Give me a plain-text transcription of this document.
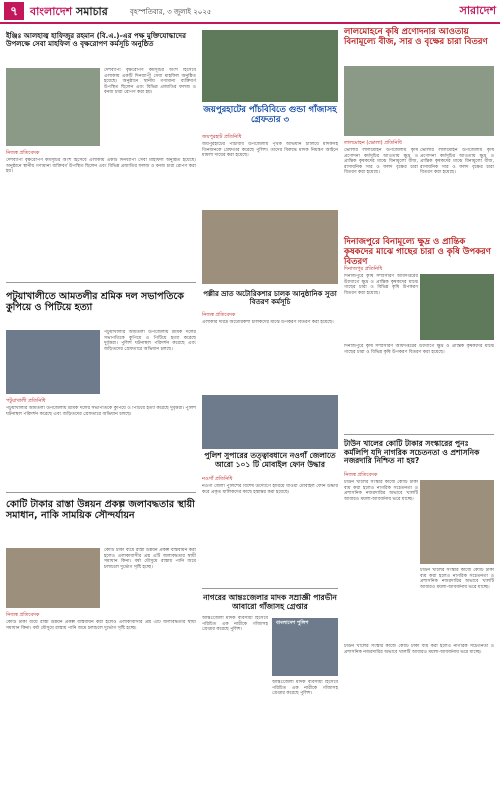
৭	বাংলাদেশ সমাচার	বৃহস্পতিবার, ৩ জুলাই ২০২৫	সারাদেশ
ইঞ্জিঃ আলহাজ্ব হাফিজুর রহমান (বি.এ.)-এর পক্ষ মুক্তিযোদ্ধাদের উপলক্ষে সেবা মাহফিল ও বৃক্ষরোপণ কর্মসূচি অনুষ্ঠিত
দেশব্যাপী বৃক্ষরোপণ কর্মসূচির অংশ হিসেবে এলাকায় একটি দিনব্যাপী সেবা মাহফিল অনুষ্ঠিত হয়েছে। অনুষ্ঠানে স্থানীয় গণ্যমান্য ব্যক্তিবর্গ উপস্থিত ছিলেন এবং বিভিন্ন প্রজাতির ফলজ ও বনজ চারা রোপণ করা হয়।
নিজস্ব প্রতিবেদক
দেশব্যাপী বৃক্ষরোপণ কর্মসূচির অংশ হিসেবে এলাকায় একটি দিনব্যাপী সেবা মাহফিল অনুষ্ঠিত হয়েছে। অনুষ্ঠানে স্থানীয় গণ্যমান্য ব্যক্তিবর্গ উপস্থিত ছিলেন এবং বিভিন্ন প্রজাতির ফলজ ও বনজ চারা রোপণ করা হয়।
পটুয়াখালীতে আমতলীর শ্রমিক দল সভাপতিকে কুপিয়ে ও পিটিয়ে হত্যা
পটুয়াখালীর আমতলী উপজেলায় শ্রমিক দলের সভাপতিকে কুপিয়ে ও পিটিয়ে হত্যা করেছে দুর্বৃত্তরা। পুলিশ ঘটনাস্থল পরিদর্শন করেছে এবং জড়িতদের গ্রেফতারে অভিযান চলছে।
পটুয়াখালী প্রতিনিধি
পটুয়াখালীর আমতলী উপজেলায় শ্রমিক দলের সভাপতিকে কুপিয়ে ও পিটিয়ে হত্যা করেছে দুর্বৃত্তরা। পুলিশ ঘটনাস্থল পরিদর্শন করেছে এবং জড়িতদের গ্রেফতারে অভিযান চলছে।
কোটি টাকার রাস্তা উন্নয়ন প্রকল্প জলাবদ্ধতার স্থায়ী সমাধান, নাকি সাময়িক সৌন্দর্যায়ন
কোটি টাকা ব্যয়ে রাস্তা উন্নয়ন প্রকল্প বাস্তবায়ন করা হলেও এলাকাবাসীর প্রশ্ন এটি জলাবদ্ধতার স্থায়ী সমাধান কিনা। বর্ষা মৌসুমে রাস্তায় পানি জমে চলাচলে দুর্ভোগ সৃষ্টি হচ্ছে।
নিজস্ব প্রতিবেদক
কোটি টাকা ব্যয়ে রাস্তা উন্নয়ন প্রকল্প বাস্তবায়ন করা হলেও এলাকাবাসীর প্রশ্ন এটি জলাবদ্ধতার স্থায়ী সমাধান কিনা। বর্ষা মৌসুমে রাস্তায় পানি জমে চলাচলে দুর্ভোগ সৃষ্টি হচ্ছে।
জয়পুরহাটের পাঁচবিবিতে গুন্ডা গাঁজাসহ গ্রেফতার ৩
জয়পুরহাট প্রতিনিধি
জয়পুরহাটের পাঁচবিবি উপজেলায় পৃথক অভিযান চালিয়ে মাদকসহ তিনজনকে গ্রেফতার করেছে পুলিশ। তাদের বিরুদ্ধে মাদক নিয়ন্ত্রণ আইনে মামলা দায়ের করা হয়েছে।
পল্লীর ভ্রাত অটোরিকশার চালক আনুষ্ঠানিক সুতা বিতরণ কর্মসূচি
নিজস্ব প্রতিবেদক
এলাকার দরিদ্র অটোরিকশা চালকদের মাঝে উপকরণ বিতরণ করা হয়েছে।
পুলিশ সুপারের তত্ত্বাবধানে নওগাঁ জেলাতে আরো ১০১ টি মোবাইল ফোন উদ্ধার
নওগাঁ প্রতিনিধি
নওগাঁ জেলা পুলিশের বিশেষ উদ্যোগে হারিয়ে যাওয়া মোবাইল ফোন উদ্ধার করে প্রকৃত মালিকদের কাছে হস্তান্তর করা হয়েছে।
নাগরের আন্তঃজেলার মাদক সম্রাজ্ঞী পারভীন আবারো গাঁজাসহ গ্রেপ্তার
আন্তঃজেলা মাদক ব্যবসায়ী হিসেবে পরিচিত এক নারীকে গাঁজাসহ গ্রেপ্তার করেছে পুলিশ।
বাংলাদেশ পুলিশ
আন্তঃজেলা মাদক ব্যবসায়ী হিসেবে পরিচিত এক নারীকে গাঁজাসহ গ্রেপ্তার করেছে পুলিশ।
লালমোহনে কৃষি প্রণোদনার আওতায় বিনামূল্যে বীজ, সার ও বৃক্ষের চারা বিতরণ
লালমোহন (ভোলা) প্রতিনিধি
ভোলার লালমোহন উপজেলায় কৃষি প্রণোদনা কর্মসূচির আওতায় ক্ষুদ্র ও প্রান্তিক কৃষকদের মাঝে বিনামূল্যে বীজ, রাসায়নিক সার ও ফলদ বৃক্ষের চারা বিতরণ করা হয়েছে।
ভোলার লালমোহন উপজেলায় কৃষি প্রণোদনা কর্মসূচির আওতায় ক্ষুদ্র ও প্রান্তিক কৃষকদের মাঝে বিনামূল্যে বীজ, রাসায়নিক সার ও ফলদ বৃক্ষের চারা বিতরণ করা হয়েছে।
দিনাজপুরে বিনামূল্যে ক্ষুদ্র ও প্রান্তিক কৃষকদের মাঝে গাছের চারা ও কৃষি উপকরণ বিতরণ
দিনাজপুর প্রতিনিধি
দিনাজপুরে কৃষি সম্প্রসারণ অধিদপ্তরের উদ্যোগে ক্ষুদ্র ও প্রান্তিক কৃষকদের মাঝে গাছের চারা ও বিভিন্ন কৃষি উপকরণ বিতরণ করা হয়েছে।
দিনাজপুরে কৃষি সম্প্রসারণ অধিদপ্তরের উদ্যোগে ক্ষুদ্র ও প্রান্তিক কৃষকদের মাঝে গাছের চারা ও বিভিন্ন কৃষি উপকরণ বিতরণ করা হয়েছে।
টাউন খালের কোটি টাকার সংস্কারের পুনঃ কর্মলিপি যদি নাগরিক সচেতনতা ও প্রশাসনিক নজরদারি নিশ্চিত না হয়?
নিজস্ব প্রতিবেদক
টাউন খালের সংস্কার কাজে কোটি টাকা ব্যয় করা হলেও নাগরিক সচেতনতা ও প্রশাসনিক নজরদারির অভাবে খালটি আবারও ময়লা-আবর্জনায় ভরে যাচ্ছে।
টাউন খালের সংস্কার কাজে কোটি টাকা ব্যয় করা হলেও নাগরিক সচেতনতা ও প্রশাসনিক নজরদারির অভাবে খালটি আবারও ময়লা-আবর্জনায় ভরে যাচ্ছে।
টাউন খালের সংস্কার কাজে কোটি টাকা ব্যয় করা হলেও নাগরিক সচেতনতা ও প্রশাসনিক নজরদারির অভাবে খালটি আবারও ময়লা-আবর্জনায় ভরে যাচ্ছে।
